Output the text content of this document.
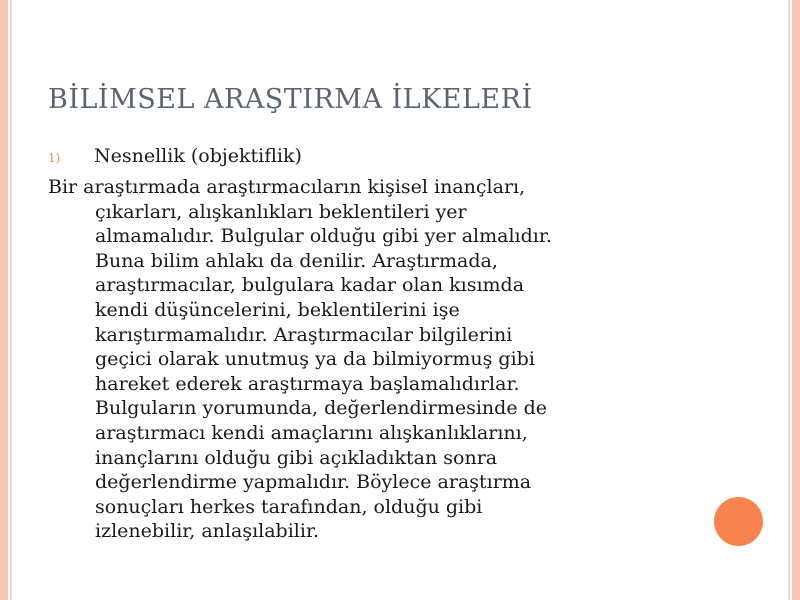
BİLİMSEL ARAŞTIRMA İLKELERİ
1) Nesnellik (objektiflik)
Bir araştırmada araştırmacıların kişisel inançları,
çıkarları, alışkanlıkları beklentileri yer
almamalıdır. Bulgular olduğu gibi yer almalıdır.
Buna bilim ahlakı da denilir. Araştırmada,
araştırmacılar, bulgulara kadar olan kısımda
kendi düşüncelerini, beklentilerini işe
karıştırmamalıdır. Araştırmacılar bilgilerini
geçici olarak unutmuş ya da bilmiyormuş gibi
hareket ederek araştırmaya başlamalıdırlar.
Bulguların yorumunda, değerlendirmesinde de
araştırmacı kendi amaçlarını alışkanlıklarını,
inançlarını olduğu gibi açıkladıktan sonra
değerlendirme yapmalıdır. Böylece araştırma
sonuçları herkes tarafından, olduğu gibi
izlenebilir, anlaşılabilir.
